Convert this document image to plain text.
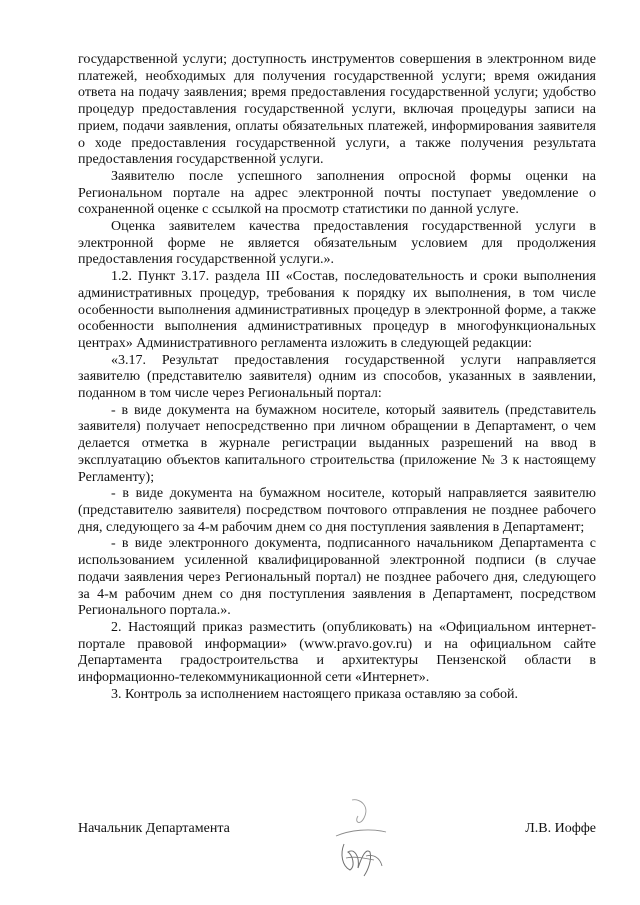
государственной услуги; доступность инструментов совершения в электронном виде платежей, необходимых для получения государственной услуги; время ожидания ответа на подачу заявления; время предоставления государственной услуги; удобство процедур предоставления государственной услуги, включая процедуры записи на прием, подачи заявления, оплаты обязательных платежей, информирования заявителя о ходе предоставления государственной услуги, а также получения результата предоставления государственной услуги.

Заявителю после успешного заполнения опросной формы оценки на Региональном портале на адрес электронной почты поступает уведомление о сохраненной оценке с ссылкой на просмотр статистики по данной услуге.

Оценка заявителем качества предоставления государственной услуги в электронной форме не является обязательным условием для продолжения предоставления государственной услуги.».

1.2. Пункт 3.17. раздела III «Состав, последовательность и сроки выполнения административных процедур, требования к порядку их выполнения, в том числе особенности выполнения административных процедур в электронной форме, а также особенности выполнения административных процедур в многофункциональных центрах» Административного регламента изложить в следующей редакции:

«3.17. Результат предоставления государственной услуги направляется заявителю (представителю заявителя) одним из способов, указанных в заявлении, поданном в том числе через Региональный портал:

- в виде документа на бумажном носителе, который заявитель (представитель заявителя) получает непосредственно при личном обращении в Департамент, о чем делается отметка в журнале регистрации выданных разрешений на ввод в эксплуатацию объектов капитального строительства (приложение № 3 к настоящему Регламенту);

- в виде документа на бумажном носителе, который направляется заявителю (представителю заявителя) посредством почтового отправления не позднее рабочего дня, следующего за 4-м рабочим днем со дня поступления заявления в Департамент;

- в виде электронного документа, подписанного начальником Департамента с использованием усиленной квалифицированной электронной подписи (в случае подачи заявления через Региональный портал) не позднее рабочего дня, следующего за 4-м рабочим днем со дня поступления заявления в Департамент, посредством Регионального портала.».

2. Настоящий приказ разместить (опубликовать) на «Официальном интернет-портале правовой информации» (www.pravo.gov.ru) и на официальном сайте Департамента градостроительства и архитектуры Пензенской области в информационно-телекоммуникационной сети «Интернет».

3. Контроль за исполнением настоящего приказа оставляю за собой.

Начальник Департамента	Л.В. Иоффе
